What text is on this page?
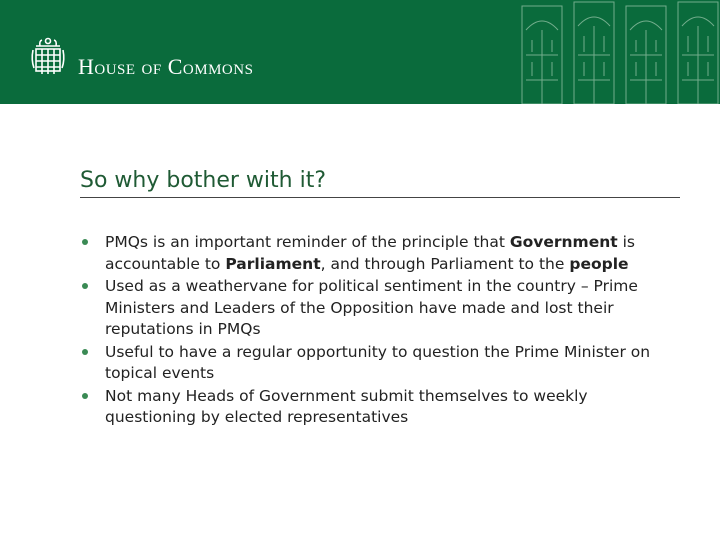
House of Commons
So why bother with it?
PMQs is an important reminder of the principle that Government is accountable to Parliament, and through Parliament to the people
Used as a weathervane for political sentiment in the country – Prime Ministers and Leaders of the Opposition have made and lost their reputations in PMQs
Useful to have a regular opportunity to question the Prime Minister on topical events
Not many Heads of Government submit themselves to weekly questioning by elected representatives
